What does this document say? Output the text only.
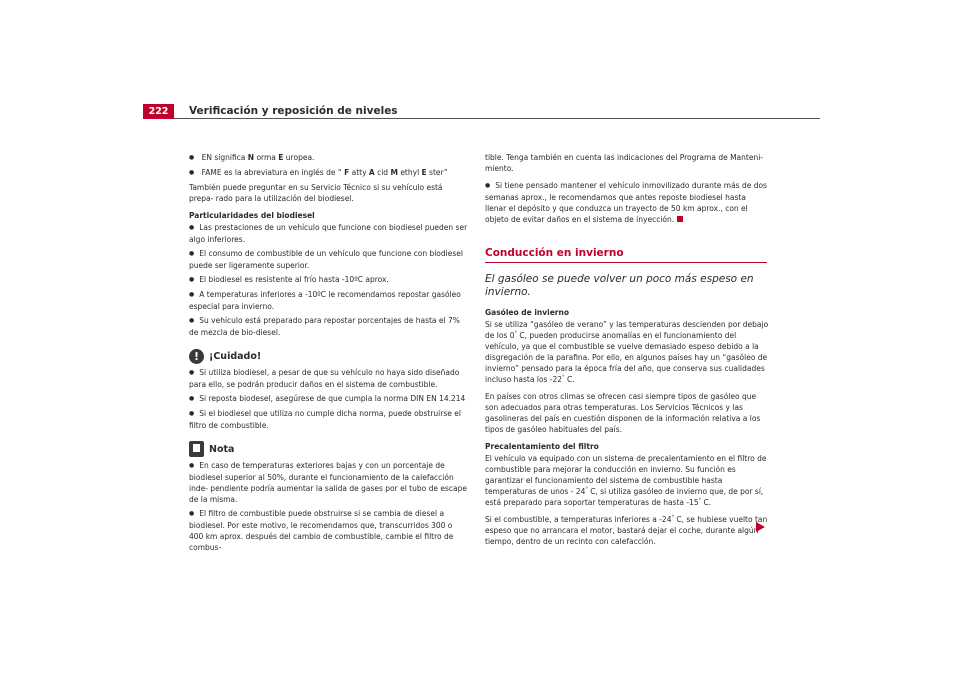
222	Verificación y reposición de niveles
● EN significa N orma E uropea.
● FAME es la abreviatura en inglés de “ F atty A cid M ethyl E ster”

También puede preguntar en su Servicio Técnico si su vehículo está prepa- rado para la utilización del biodiesel.

Particularidades del biodiesel
● Las prestaciones de un vehículo que funcione con biodiesel pueden ser algo inferiores.
● El consumo de combustible de un vehículo que funcione con biodiesel puede ser ligeramente superior.
● El biodiesel es resistente al frío hasta -10ºC aprox.
● A temperaturas inferiores a -10ºC le recomendamos repostar gasóleo especial para invierno.
● Su vehículo está preparado para repostar porcentajes de hasta el 7% de mezcla de bio-diesel.
!	¡Cuidado!
● Si utiliza biodiesel, a pesar de que su vehículo no haya sido diseñado para ello, se podrán producir daños en el sistema de combustible.
● Si reposta biodesel, asegúrese de que cumpla la norma DIN EN 14.214
● Si el biodiesel que utiliza no cumple dicha norma, puede obstruirse el filtro de combustible.
Nota
● En caso de temperaturas exteriores bajas y con un porcentaje de biodiesel superior al 50%, durante el funcionamiento de la calefacción inde- pendiente podría aumentar la salida de gases por el tubo de escape de la misma.
● El filtro de combustible puede obstruirse si se cambia de diesel a biodiesel. Por este motivo, le recomendamos que, transcurridos 300 o 400 km aprox. después del cambio de combustible, cambie el filtro de combus-

tible. Tenga también en cuenta las indicaciones del Programa de Manteni- miento.

● Si tiene pensado mantener el vehículo inmovilizado durante más de dos semanas aprox., le recomendamos que antes reposte biodiesel hasta llenar el depósito y que conduzca un trayecto de 50 km aprox., con el objeto de evitar daños en el sistema de inyección.
Conducción en invierno
El gasóleo se puede volver un poco más espeso en invierno.
Gasóleo de invierno

Si se utiliza “gasóleo de verano” y las temperaturas descienden por debajo de los 0° C, pueden producirse anomalías en el funcionamiento del vehículo, ya que el combustible se vuelve demasiado espeso debido a la disgregación de la parafina. Por ello, en algunos países hay un “gasóleo de invierno” pensado para la época fría del año, que conserva sus cualidades incluso hasta los -22° C.

En países con otros climas se ofrecen casi siempre tipos de gasóleo que son adecuados para otras temperaturas. Los Servicios Técnicos y las gasolineras del país en cuestión disponen de la información relativa a los tipos de gasóleo habituales del país.

Precalentamiento del filtro

El vehículo va equipado con un sistema de precalentamiento en el filtro de combustible para mejorar la conducción en invierno. Su función es garantizar el funcionamiento del sistema de combustible hasta temperaturas de unos - 24° C, si utiliza gasóleo de invierno que, de por sí, está preparado para soportar temperaturas de hasta -15° C.

Si el combustible, a temperaturas inferiores a -24° C, se hubiese vuelto tan espeso que no arrancara el motor, bastará dejar el coche, durante algún tiempo, dentro de un recinto con calefacción.
